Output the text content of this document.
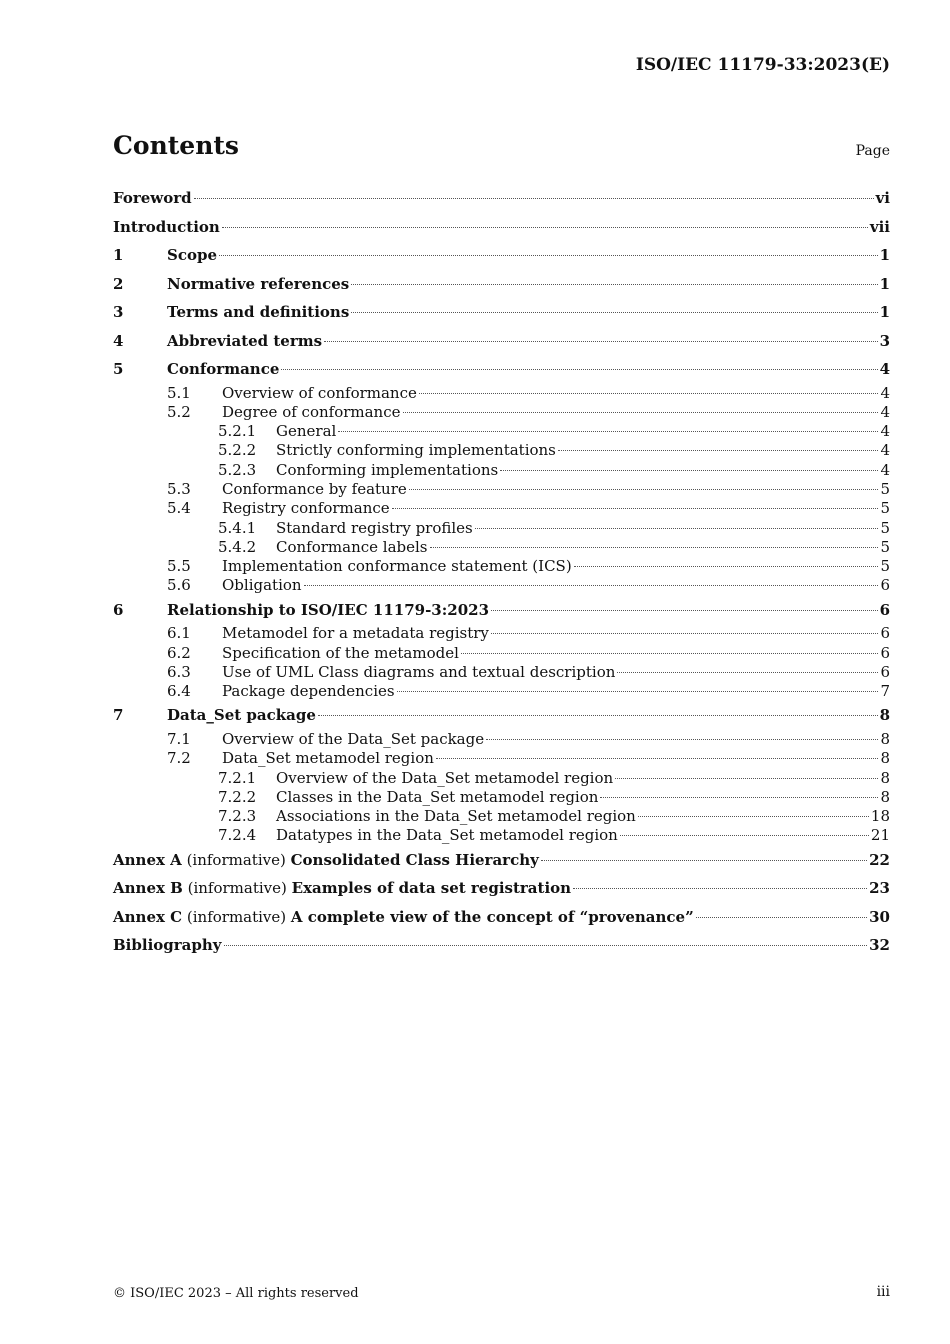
ISO/IEC 11179-33:2023(E)
Contents	Page
Foreword	vi
Introduction	vii
1	Scope	1
2	Normative references	1
3	Terms and definitions	1
4	Abbreviated terms	3
5	Conformance	4
5.1 Overview of conformance	4
5.2 Degree of conformance	4
5.2.1 General	4
5.2.2 Strictly conforming implementations	4
5.2.3 Conforming implementations	4
5.3 Conformance by feature	5
5.4 Registry conformance	5
5.4.1 Standard registry profiles	5
5.4.2 Conformance labels	5
5.5 Implementation conformance statement (ICS)	5
5.6 Obligation	6
6	Relationship to ISO/IEC 11179-3:2023	6
6.1 Metamodel for a metadata registry	6
6.2 Specification of the metamodel	6
6.3 Use of UML Class diagrams and textual description	6
6.4 Package dependencies	7
7	Data_Set package	8
7.1 Overview of the Data_Set package	8
7.2 Data_Set metamodel region	8
7.2.1 Overview of the Data_Set metamodel region	8
7.2.2 Classes in the Data_Set metamodel region	8
7.2.3 Associations in the Data_Set metamodel region	18
7.2.4 Datatypes in the Data_Set metamodel region	21
Annex A (informative) Consolidated Class Hierarchy	22
Annex B (informative) Examples of data set registration	23
Annex C (informative) A complete view of the concept of “provenance”	30
Bibliography	32
© ISO/IEC 2023 – All rights reserved	iii
